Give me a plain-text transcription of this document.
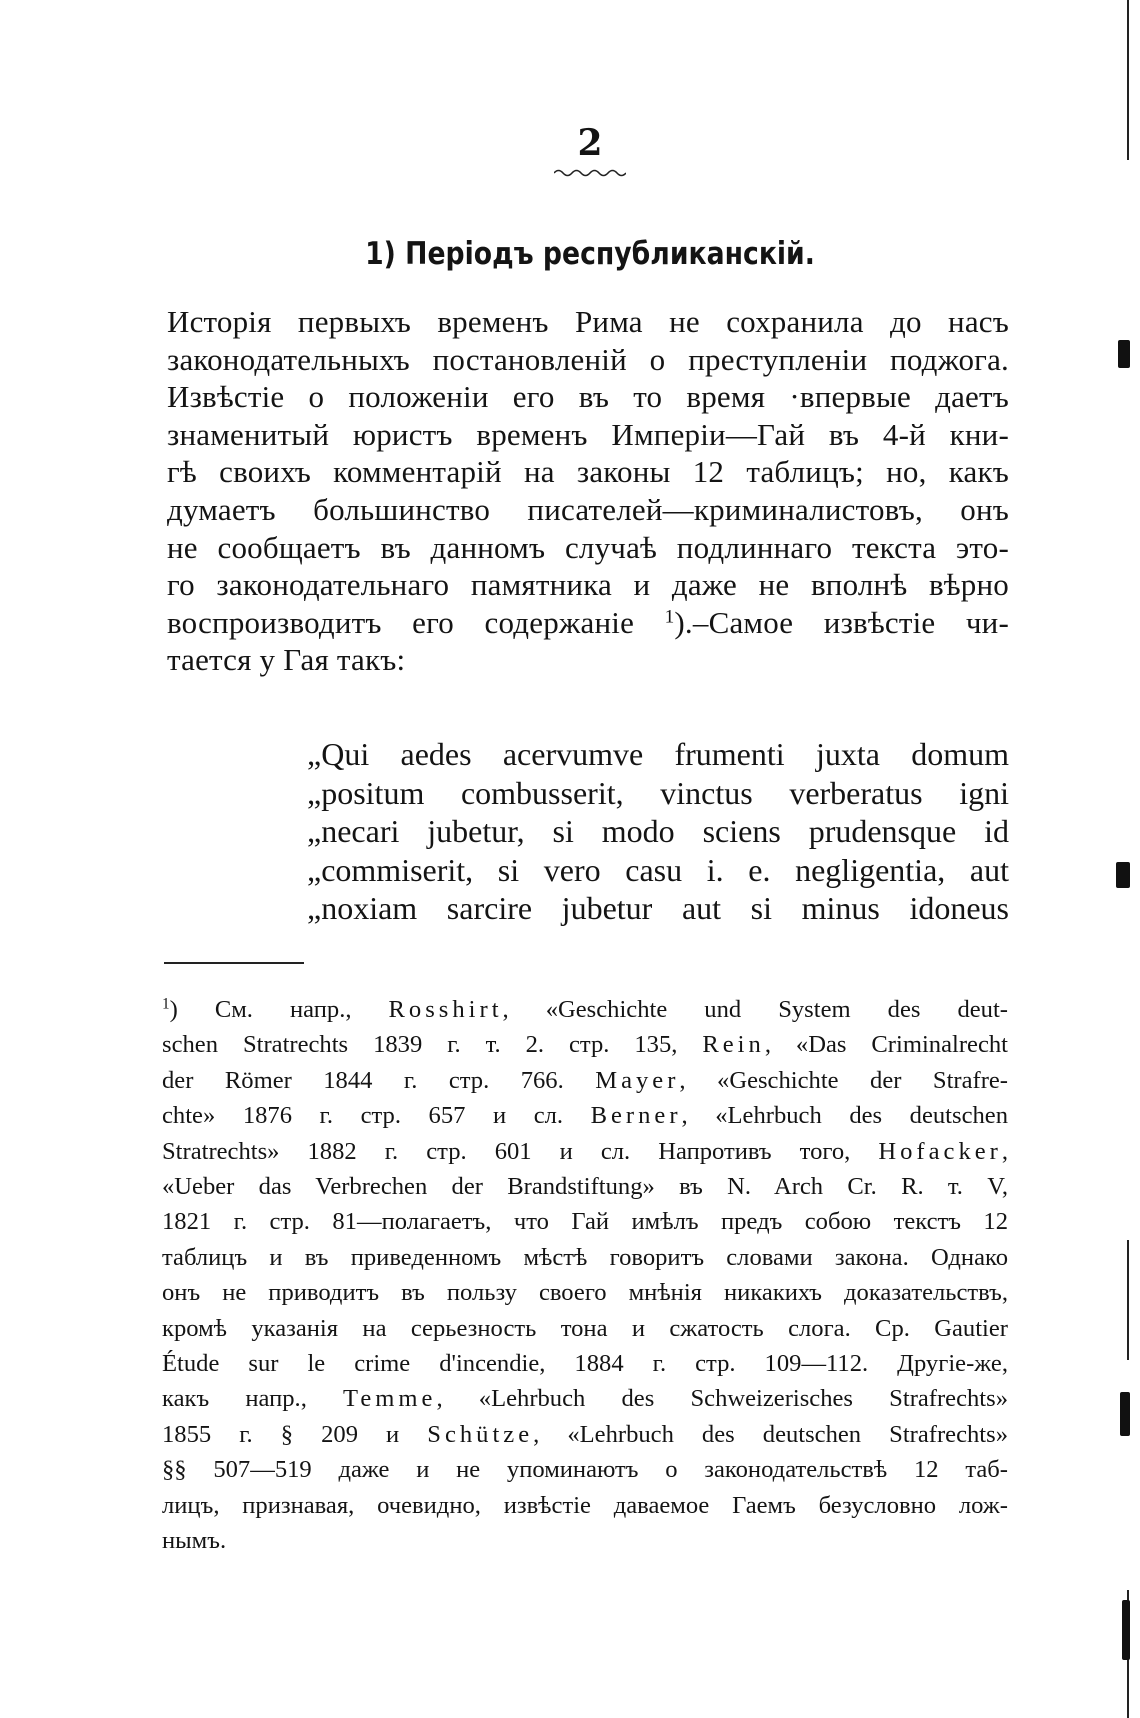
2
1) Періодъ республиканскій.
Исторія первыхъ временъ Рима не сохранила до насъ
законодательныхъ постановленій о преступленіи поджога.
Извѣстіе о положеніи его въ то время ·впервые даетъ
знаменитый юристъ временъ Имперіи—Гай въ 4-й кни-
гѣ своихъ комментарій на законы 12 таблицъ; но, какъ
думаетъ большинство писателей—криминалистовъ, онъ
не сообщаетъ въ данномъ случаѣ подлиннаго текста это-
го законодательнаго памятника и даже не вполнѣ вѣрно
воспроизводитъ его содержаніе $^1$).–Самое извѣстіе чи-
тается у Гая такъ:
„Qui aedes acervumve frumenti juxta domum
„positum combusserit, vinctus verberatus igni
„necari jubetur, si modo sciens prudensque id
„commiserit, si vero casu i. e. negligentia, aut
„noxiam sarcire jubetur aut si minus idoneus
$^1$) См. напр., Rosshirt, «Geschichte und System des deut-
schen Stratrechts 1839 г. т. 2. стр. 135, Rein, «Das Criminalrecht
der Römer 1844 г. стр. 766. Mayer, «Geschichte der Strafre-
chte» 1876 г. стр. 657 и сл. Berner, «Lehrbuch des deutschen
Stratrechts» 1882 г. стр. 601 и сл. Напротивъ того, Hofacker,
«Ueber das Verbrechen der Brandstiftung» въ N. Arch Cr. R. т. V,
1821 г. стр. 81—полагаетъ, что Гай имѣлъ предъ собою текстъ 12
таблицъ и въ приведенномъ мѣстѣ говоритъ словами закона. Однако
онъ не приводитъ въ пользу своего мнѣнія никакихъ доказательствъ,
кромѣ указанія на серьезность тона и сжатость слога. Ср. Gautier
Étude sur le crime d'incendie, 1884 г. стр. 109—112. Другіе-же,
какъ напр., Temme, «Lehrbuch des Schweizerisches Strafrechts»
1855 г. § 209 и Schütze, «Lehrbuch des deutschen Strafrechts»
§§ 507—519 даже и не упоминаютъ о законодательствѣ 12 таб-
лицъ, признавая, очевидно, извѣстіе даваемое Гаемъ безусловно лож-
нымъ.
